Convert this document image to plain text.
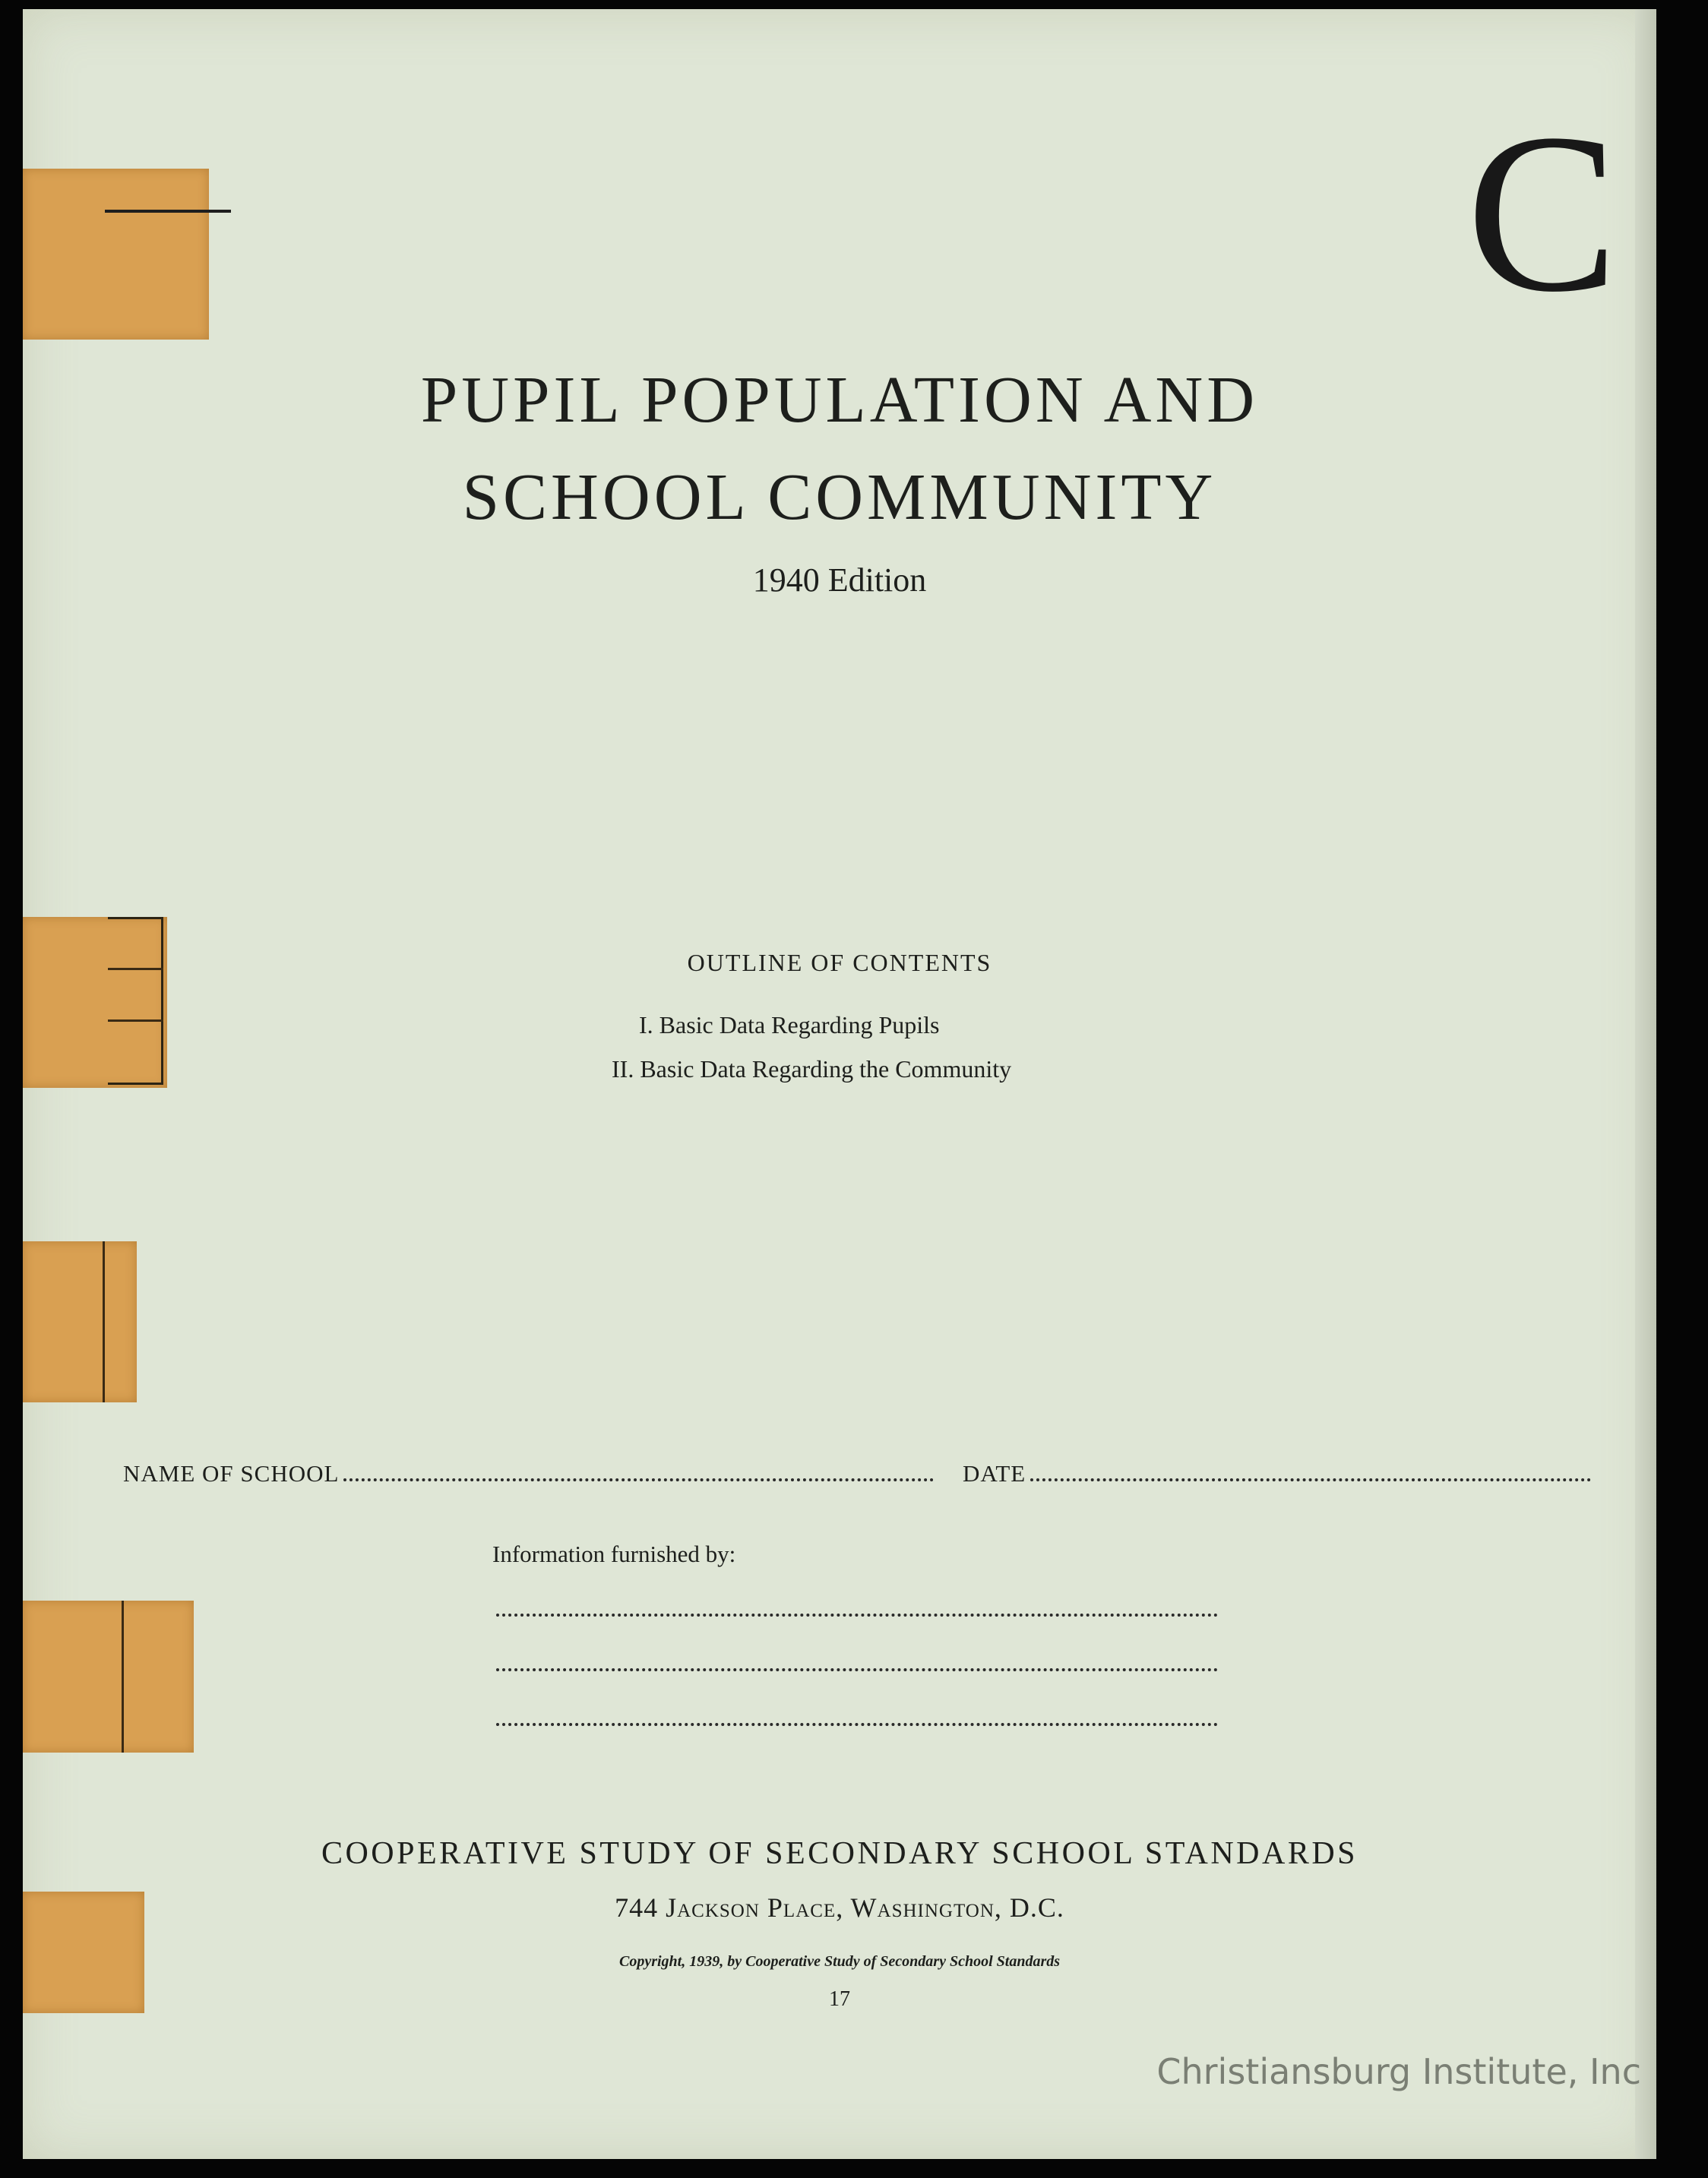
C
PUPIL POPULATION AND
SCHOOL COMMUNITY
1940 Edition
OUTLINE OF CONTENTS
I. Basic Data Regarding Pupils
II. Basic Data Regarding the Community
NAME OF SCHOOL	DATE
Information furnished by:
COOPERATIVE STUDY OF SECONDARY SCHOOL STANDARDS
744 Jackson Place, Washington, D.C.
Copyright, 1939, by Cooperative Study of Secondary School Standards
17
Christiansburg Institute, Inc
